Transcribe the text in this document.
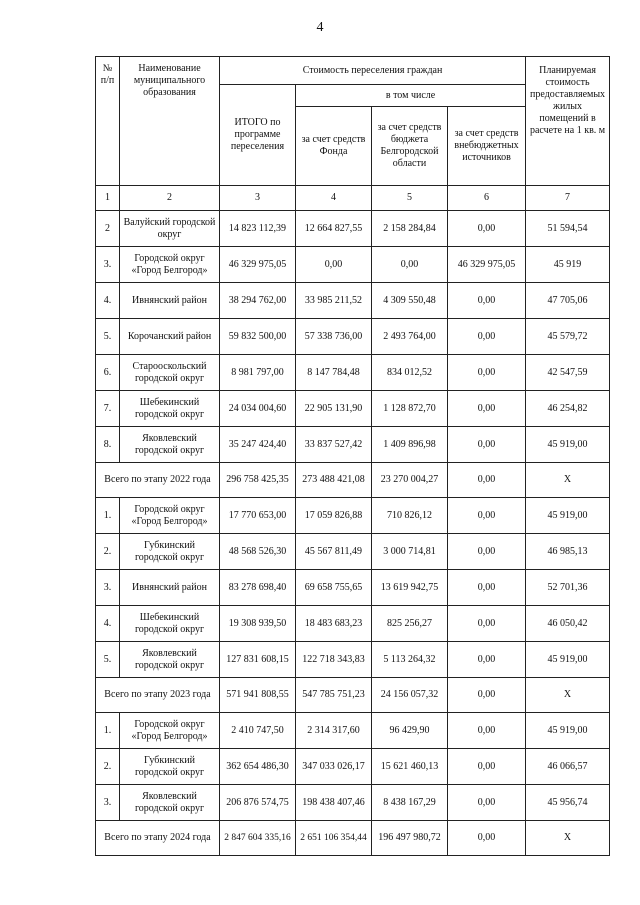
4
№
п/п	Наименование муниципального образования	Стоимость переселения граждан				Планируемая стоимость предоставляемых жилых помещений в расчете на 1 кв. м
		ИТОГО по программе переселения	в том числе			
			за счет средств Фонда	за счет средств бюджета Белгородской области	за счет средств внебюджетных источников	
1	2	3	4	5	6	7
2	Валуйский городской округ	14 823 112,39	12 664 827,55	2 158 284,84	0,00	51 594,54
3.	Городской округ «Город Белгород»	46 329 975,05	0,00	0,00	46 329 975,05	45 919
4.	Ивнянский район	38 294 762,00	33 985 211,52	4 309 550,48	0,00	47 705,06
5.	Корочанский район	59 832 500,00	57 338 736,00	2 493 764,00	0,00	45 579,72
6.	Старооскольский городской округ	8 981 797,00	8 147 784,48	834 012,52	0,00	42 547,59
7.	Шебекинский городской округ	24 034 004,60	22 905 131,90	1 128 872,70	0,00	46 254,82
8.	Яковлевский городской округ	35 247 424,40	33 837 527,42	1 409 896,98	0,00	45 919,00
Всего по этапу 2022 года		296 758 425,35	273 488 421,08	23 270 004,27	0,00	Х
1.	Городской округ «Город Белгород»	17 770 653,00	17 059 826,88	710 826,12	0,00	45 919,00
2.	Губкинский городской округ	48 568 526,30	45 567 811,49	3 000 714,81	0,00	46 985,13
3.	Ивнянский район	83 278 698,40	69 658 755,65	13 619 942,75	0,00	52 701,36
4.	Шебекинский городской округ	19 308 939,50	18 483 683,23	825 256,27	0,00	46 050,42
5.	Яковлевский городской округ	127 831 608,15	122 718 343,83	5 113 264,32	0,00	45 919,00
Всего по этапу 2023 года		571 941 808,55	547 785 751,23	24 156 057,32	0,00	Х
1.	Городской округ «Город Белгород»	2 410 747,50	2 314 317,60	96 429,90	0,00	45 919,00
2.	Губкинский городской округ	362 654 486,30	347 033 026,17	15 621 460,13	0,00	46 066,57
3.	Яковлевский городской округ	206 876 574,75	198 438 407,46	8 438 167,29	0,00	45 956,74
Всего по этапу 2024 года		2 847 604 335,16	2 651 106 354,44	196 497 980,72	0,00	Х
